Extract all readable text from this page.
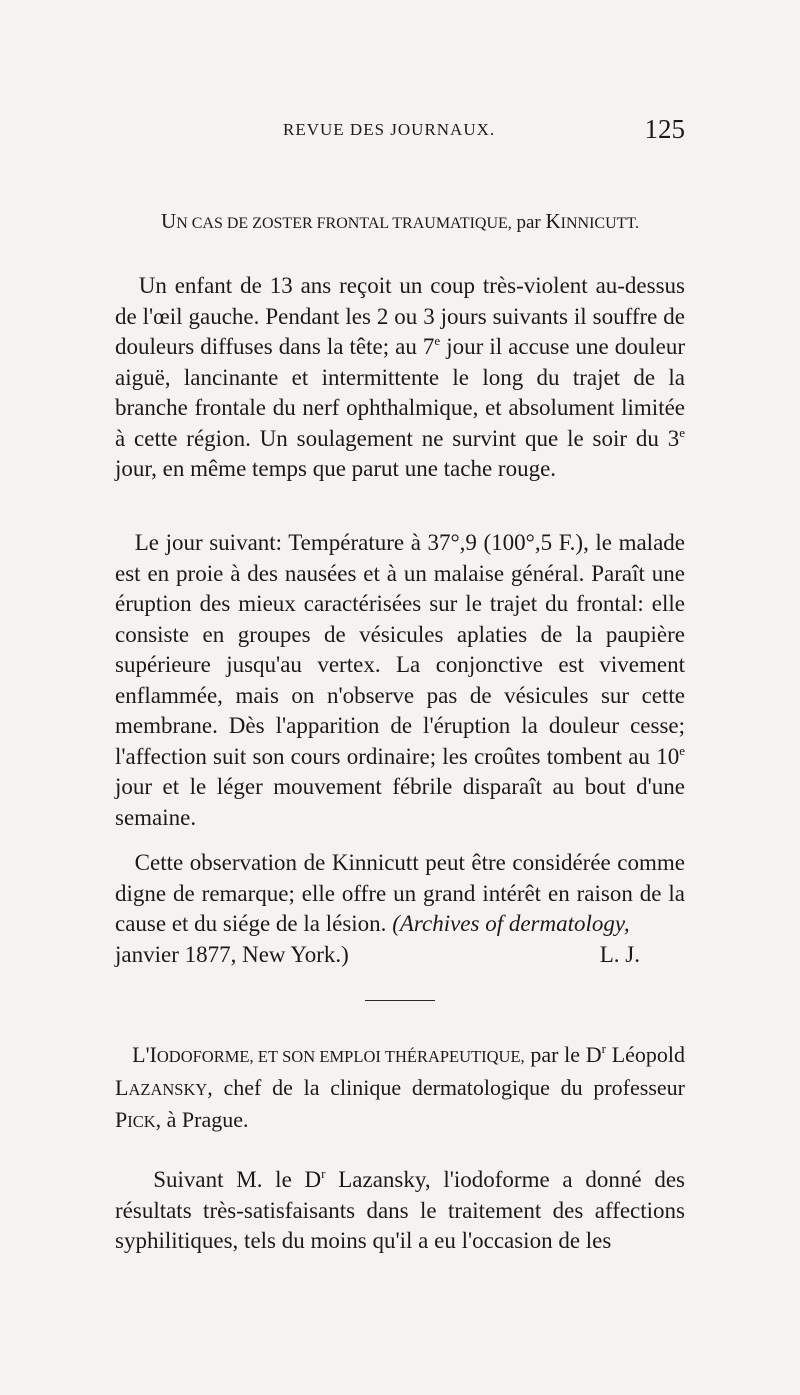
REVUE DES JOURNAUX.	125
UN CAS DE ZOSTER FRONTAL TRAUMATIQUE, par KINNICUTT.

Un enfant de 13 ans reçoit un coup très-violent au-dessus de l'œil gauche. Pendant les 2 ou 3 jours suivants il souffre de douleurs diffuses dans la tête; au 7e jour il accuse une douleur aiguë, lancinante et intermittente le long du trajet de la branche frontale du nerf ophthalmique, et absolument limitée à cette région. Un soulagement ne survint que le soir du 3e jour, en même temps que parut une tache rouge.

Le jour suivant: Température à 37°,9 (100°,5 F.), le malade est en proie à des nausées et à un malaise général. Paraît une éruption des mieux caractérisées sur le trajet du frontal: elle consiste en groupes de vésicules aplaties de la paupière supérieure jusqu'au vertex. La conjonctive est vivement enflammée, mais on n'observe pas de vésicules sur cette membrane. Dès l'apparition de l'éruption la douleur cesse; l'affection suit son cours ordinaire; les croûtes tombent au 10e jour et le léger mouvement fébrile disparaît au bout d'une semaine.

Cette observation de Kinnicutt peut être considérée comme digne de remarque; elle offre un grand intérêt en raison de la cause et du siége de la lésion. (Archives of dermatology,
janvier 1877, New York.)	L. J.

L'IODOFORME, ET SON EMPLOI THÉRAPEUTIQUE, par le $D^r$ Léopold LAZANSKY, chef de la clinique dermatologique du professeur PICK, à Prague.

Suivant M. le $D^r$ Lazansky, l'iodoforme a donné des résultats très-satisfaisants dans le traitement des affections syphilitiques, tels du moins qu'il a eu l'occasion de les
